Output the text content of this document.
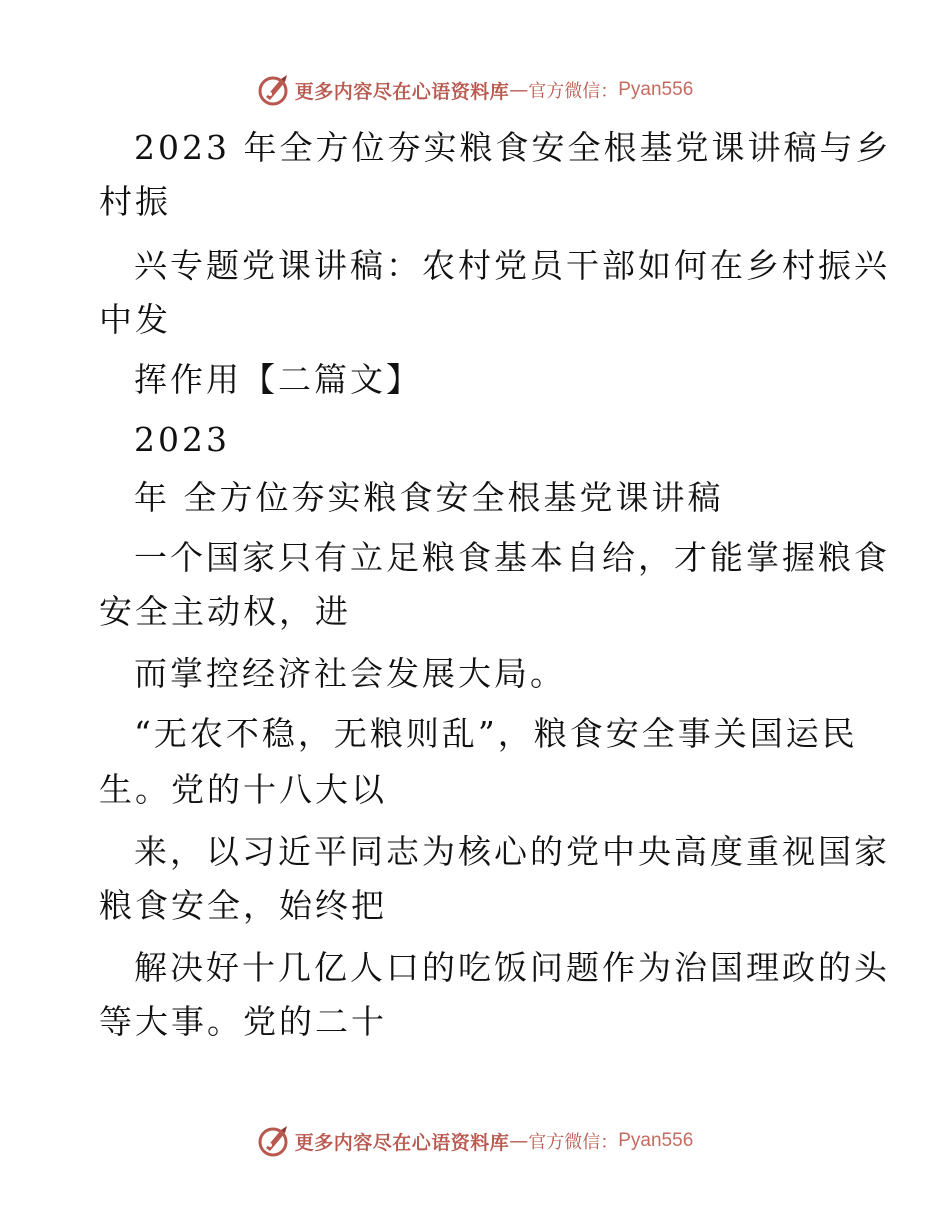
更多内容尽在心语资料库 — 官方微信： Pyan556
2023 年全方位夯实粮食安全根基党课讲稿与乡
村振
兴专题党课讲稿：农村党员干部如何在乡村振兴
中发
挥作用【二篇文】
2023
年 全方位夯实粮食安全根基党课讲稿
一个国家只有立足粮食基本自给，才能掌握粮食
安全主动权，进
而掌控经济社会发展大局。
“无农不稳，无粮则乱”，粮食安全事关国运民
生。党的十八大以
来，以习近平同志为核心的党中央高度重视国家
粮食安全，始终把
解决好十几亿人口的吃饭问题作为治国理政的头
等大事。党的二十
更多内容尽在心语资料库 — 官方微信： Pyan556
